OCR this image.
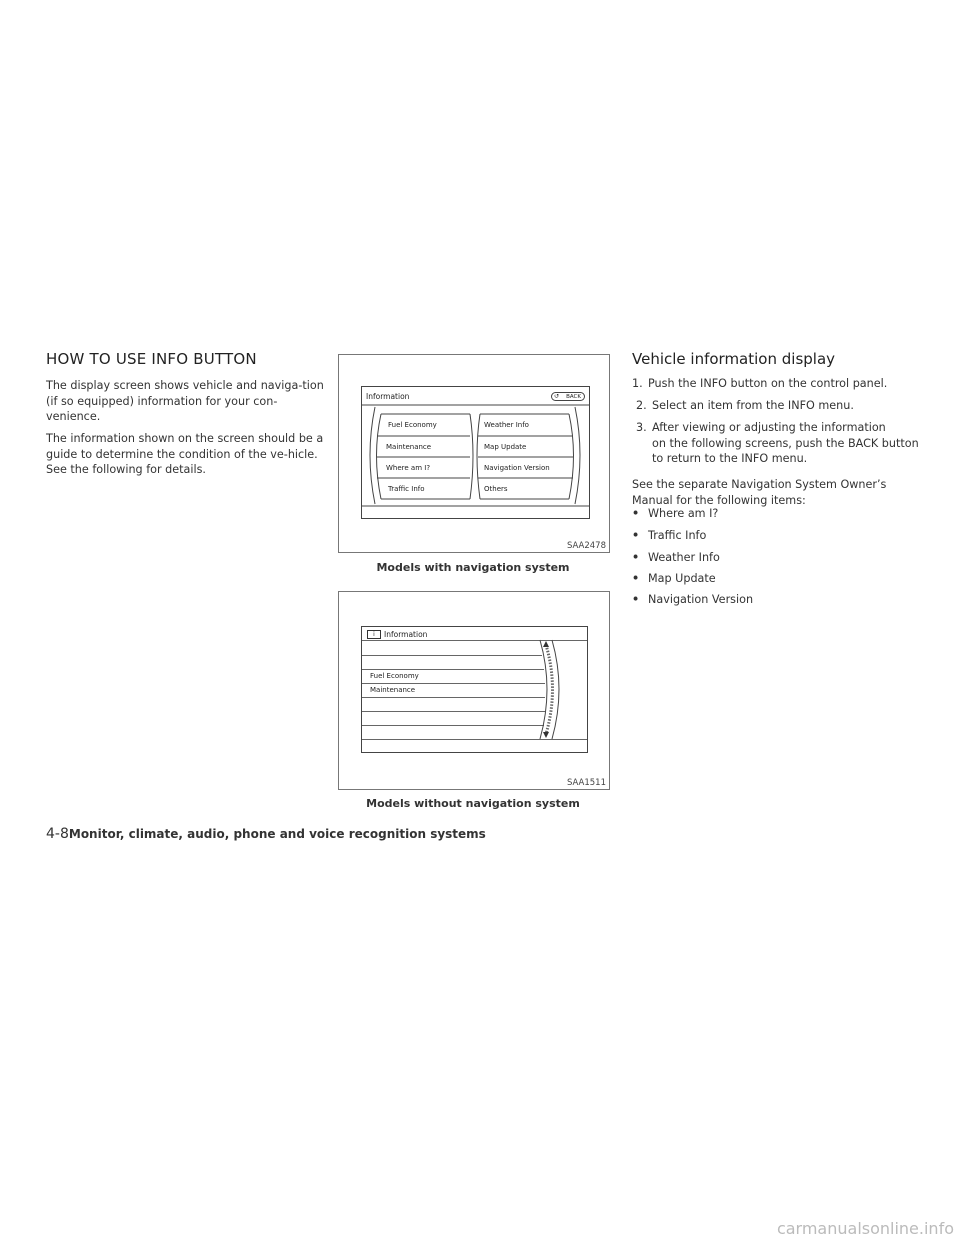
HOW TO USE INFO BUTTON
The display screen shows vehicle and naviga-tion (if so equipped) information for your con-venience.
The information shown on the screen should be a guide to determine the condition of the ve-hicle. See the following for details.
Information	↺ BACK
Fuel Economy
Maintenance
Where am I?
Traffic Info
Weather Info
Map Update
Navigation Version
Others
SAA2478
Models with navigation system
i	Information
Fuel Economy
Maintenance
SAA1511
Models without navigation system
Vehicle information display
1. Push the INFO button on the control panel.
2. Select an item from the INFO menu.
3. After viewing or adjusting the information
on the following screens, push the BACK button to return to the INFO menu.
See the separate Navigation System Owner’s Manual for the following items:
• Where am I?
• Traffic Info
• Weather Info
• Map Update
• Navigation Version
4-8Monitor, climate, audio, phone and voice recognition systems
carmanualsonline.info
